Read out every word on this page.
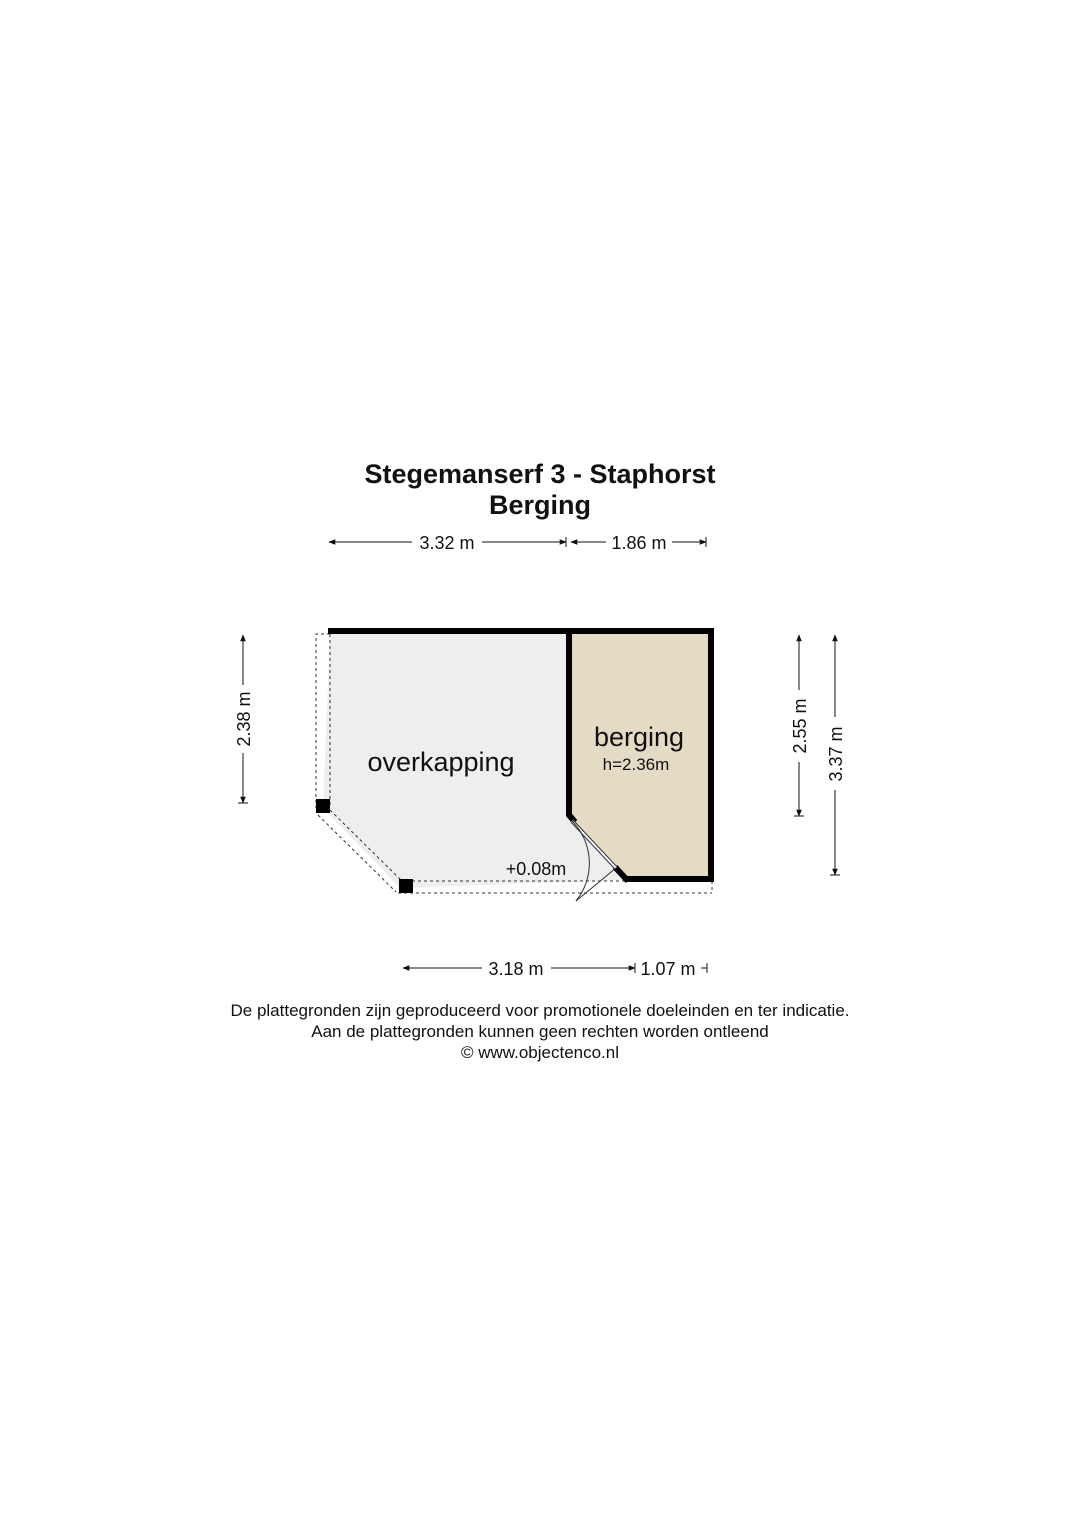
Stegemanserf 3 - Staphorst
Berging
overkapping
berging
h=2.36m
+0.08m
3.32 m	1.86 m
2.38 m	2.55 m
3.37 m
3.18 m	1.07 m
De plattegronden zijn geproduceerd voor promotionele doeleinden en ter indicatie.
Aan de plattegronden kunnen geen rechten worden ontleend
© www.objectenco.nl
